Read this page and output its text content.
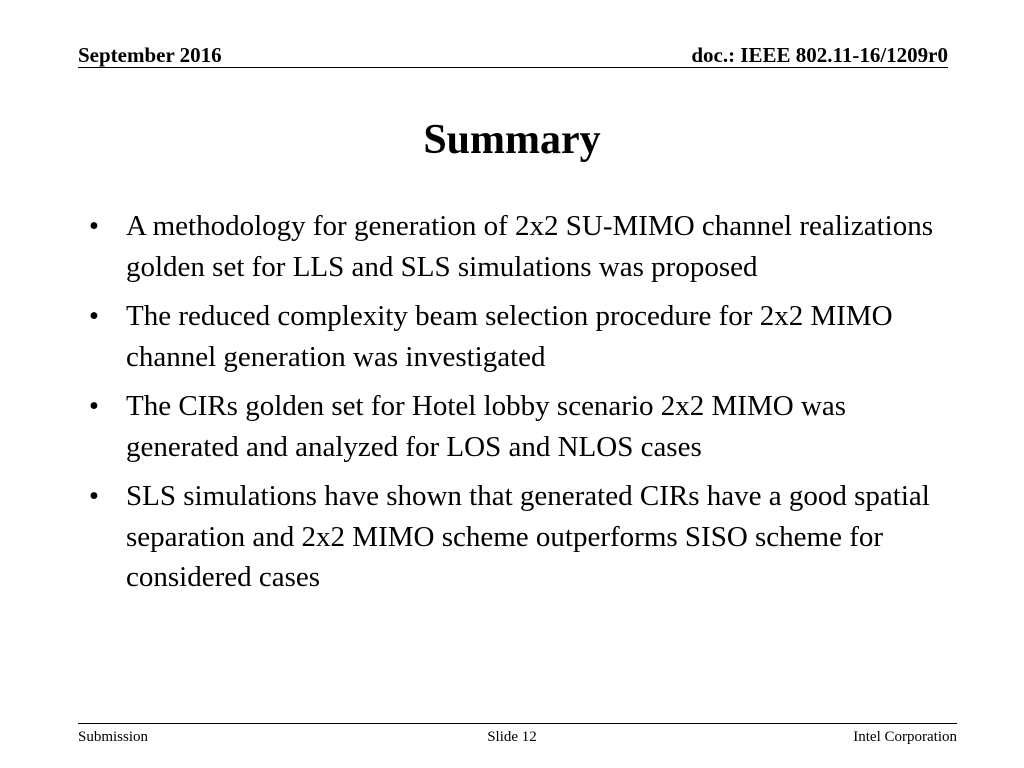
September 2016	doc.: IEEE 802.11-16/1209r0
Summary
• A methodology for generation of 2x2 SU-MIMO channel realizations golden set for LLS and SLS simulations was proposed
• The reduced complexity beam selection procedure for 2x2 MIMO channel generation was investigated
• The CIRs golden set for Hotel lobby scenario 2x2 MIMO was generated and analyzed for LOS and NLOS cases
• SLS simulations have shown that generated CIRs have a good spatial separation and 2x2 MIMO scheme outperforms SISO scheme for considered cases
Submission	Slide 12	Intel Corporation
